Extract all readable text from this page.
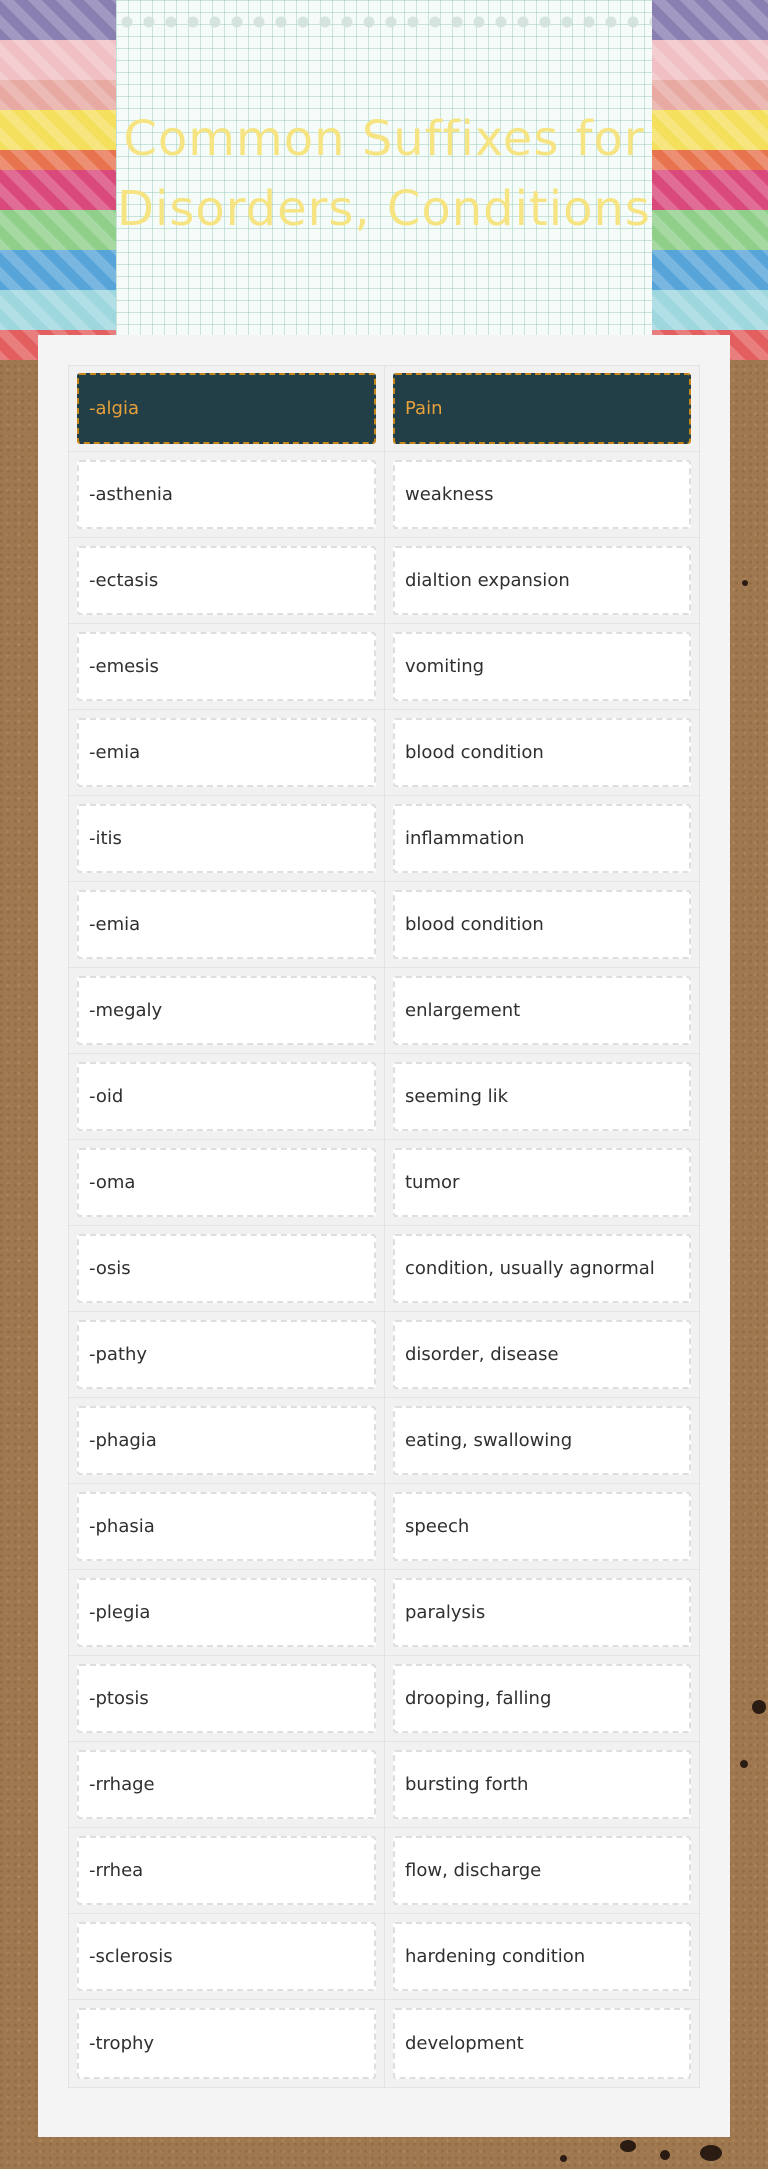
Common Suffixes for
Disorders, Conditions
-algia	Pain
-asthenia	weakness
-ectasis	dialtion expansion
-emesis	vomiting
-emia	blood condition
-itis	inflammation
-emia	blood condition
-megaly	enlargement
-oid	seeming lik
-oma	tumor
-osis	condition, usually agnormal
-pathy	disorder, disease
-phagia	eating, swallowing
-phasia	speech
-plegia	paralysis
-ptosis	drooping, falling
-rrhage	bursting forth
-rrhea	flow, discharge
-sclerosis	hardening condition
-trophy	development
